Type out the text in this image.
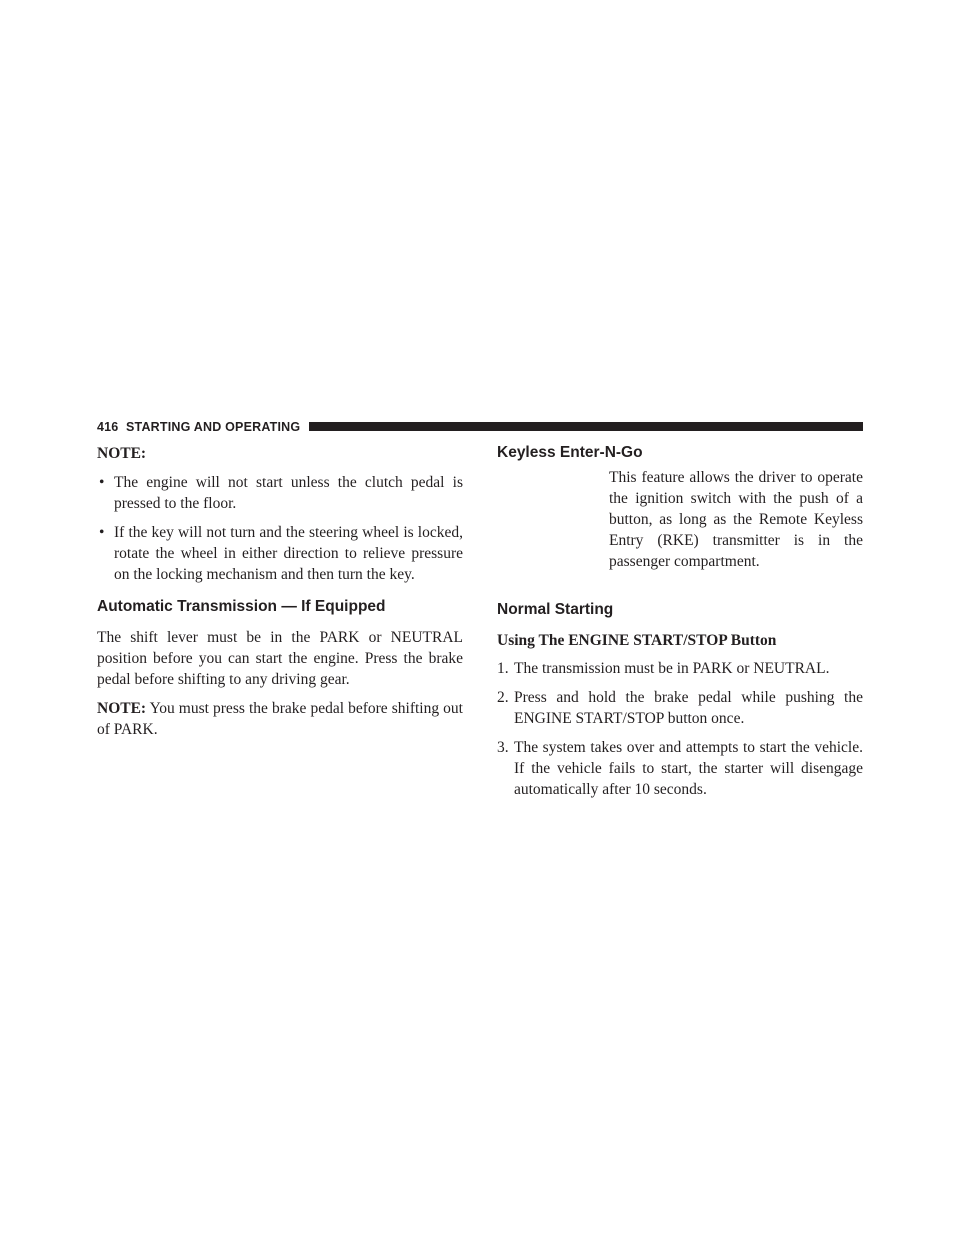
416 STARTING AND OPERATING

NOTE:

• The engine will not start unless the clutch pedal is pressed to the floor.
• If the key will not turn and the steering wheel is locked, rotate the wheel in either direction to relieve pressure on the locking mechanism and then turn the key.
Automatic Transmission — If Equipped

The shift lever must be in the PARK or NEUTRAL position before you can start the engine. Press the brake pedal before shifting to any driving gear.

NOTE: You must press the brake pedal before shifting out of PARK.

Keyless Enter-N-Go

This feature allows the driver to operate the ignition switch with the push of a button, as long as the Remote Keyless Entry (RKE) transmitter is in the passenger compartment.

Normal Starting

Using The ENGINE START/STOP Button

1. The transmission must be in PARK or NEUTRAL.
2. Press and hold the brake pedal while pushing the ENGINE START/STOP button once.
3. The system takes over and attempts to start the vehicle. If the vehicle fails to start, the starter will disengage automatically after 10 seconds.
